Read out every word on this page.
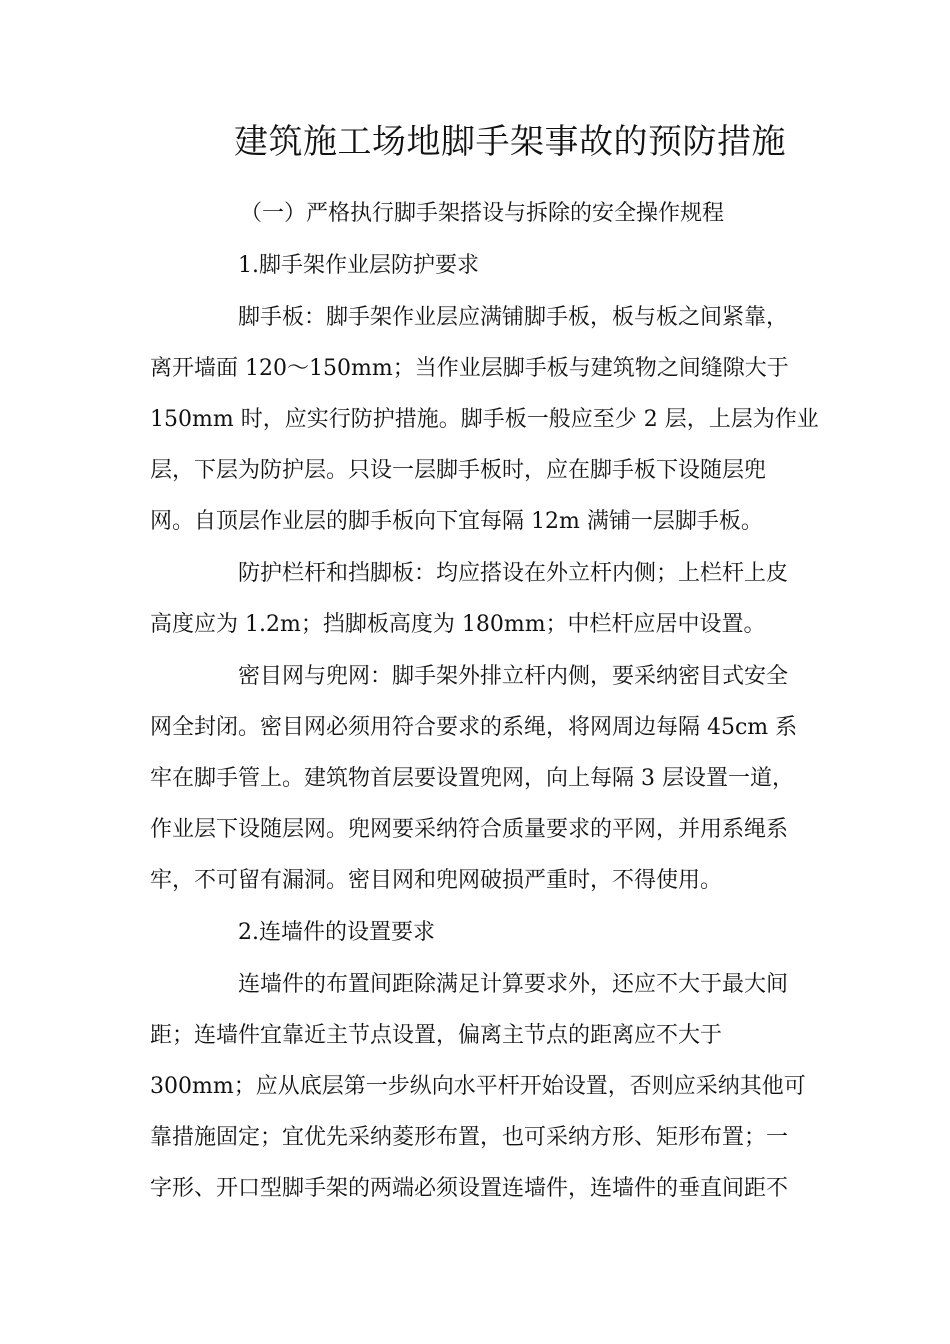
建筑施工场地脚手架事故的预防措施
（一）严格执行脚手架搭设与拆除的安全操作规程
1.脚手架作业层防护要求
脚手板：脚手架作业层应满铺脚手板，板与板之间紧靠，
离开墙面 120～150mm；当作业层脚手板与建筑物之间缝隙大于
150mm 时，应实行防护措施。脚手板一般应至少 2 层，上层为作业
层，下层为防护层。只设一层脚手板时，应在脚手板下设随层兜
网。自顶层作业层的脚手板向下宜每隔 12m 满铺一层脚手板。
防护栏杆和挡脚板：均应搭设在外立杆内侧；上栏杆上皮
高度应为 1.2m；挡脚板高度为 180mm；中栏杆应居中设置。
密目网与兜网：脚手架外排立杆内侧，要采纳密目式安全
网全封闭。密目网必须用符合要求的系绳，将网周边每隔 45cm 系
牢在脚手管上。建筑物首层要设置兜网，向上每隔 3 层设置一道，
作业层下设随层网。兜网要采纳符合质量要求的平网，并用系绳系
牢，不可留有漏洞。密目网和兜网破损严重时，不得使用。
2.连墙件的设置要求
连墙件的布置间距除满足计算要求外，还应不大于最大间
距；连墙件宜靠近主节点设置，偏离主节点的距离应不大于
300mm；应从底层第一步纵向水平杆开始设置，否则应采纳其他可
靠措施固定；宜优先采纳菱形布置，也可采纳方形、矩形布置；一
字形、开口型脚手架的两端必须设置连墙件，连墙件的垂直间距不
